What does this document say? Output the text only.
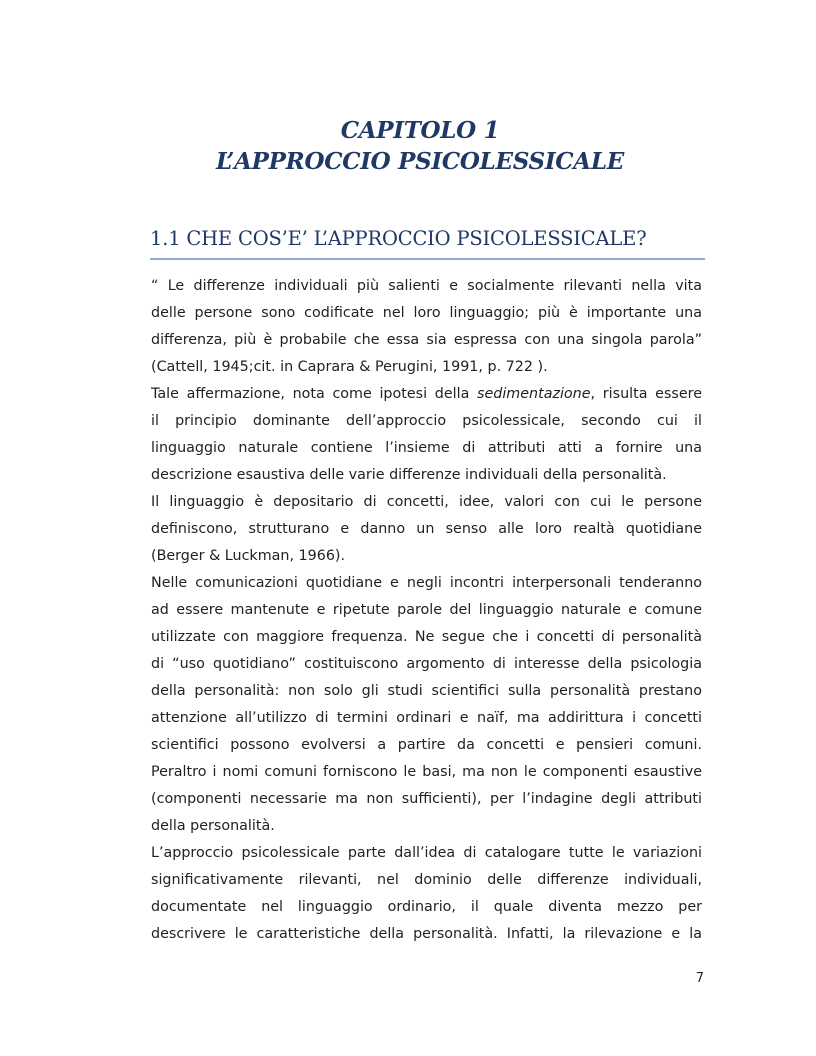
CAPITOLO 1
L’APPROCCIO PSICOLESSICALE
1.1 CHE COS’E’ L’APPROCCIO PSICOLESSICALE?
“ Le differenze individuali più salienti e socialmente rilevanti nella vita
delle persone sono codificate nel loro linguaggio; più è importante una
differenza, più è probabile che essa sia espressa con una singola parola”
(Cattell, 1945;cit. in Caprara & Perugini, 1991, p. 722 ).
Tale affermazione, nota come ipotesi della sedimentazione, risulta essere
il principio dominante dell’approccio psicolessicale, secondo cui il
linguaggio naturale contiene l’insieme di attributi atti a fornire una
descrizione esaustiva delle varie differenze individuali della personalità.
Il linguaggio è depositario di concetti, idee, valori con cui le persone
definiscono, strutturano e danno un senso alle loro realtà quotidiane
(Berger & Luckman, 1966).
Nelle comunicazioni quotidiane e negli incontri interpersonali tenderanno
ad essere mantenute e ripetute parole del linguaggio naturale e comune
utilizzate con maggiore frequenza. Ne segue che i concetti di personalità
di “uso quotidiano” costituiscono argomento di interesse della psicologia
della personalità: non solo gli studi scientifici sulla personalità prestano
attenzione all’utilizzo di termini ordinari e naïf, ma addirittura i concetti
scientifici possono evolversi a partire da concetti e pensieri comuni.
Peraltro i nomi comuni forniscono le basi, ma non le componenti esaustive
(componenti necessarie ma non sufficienti), per l’indagine degli attributi
della personalità.
L’approccio psicolessicale parte dall’idea di catalogare tutte le variazioni
significativamente rilevanti, nel dominio delle differenze individuali,
documentate nel linguaggio ordinario, il quale diventa mezzo per
descrivere le caratteristiche della personalità. Infatti, la rilevazione e la
7
